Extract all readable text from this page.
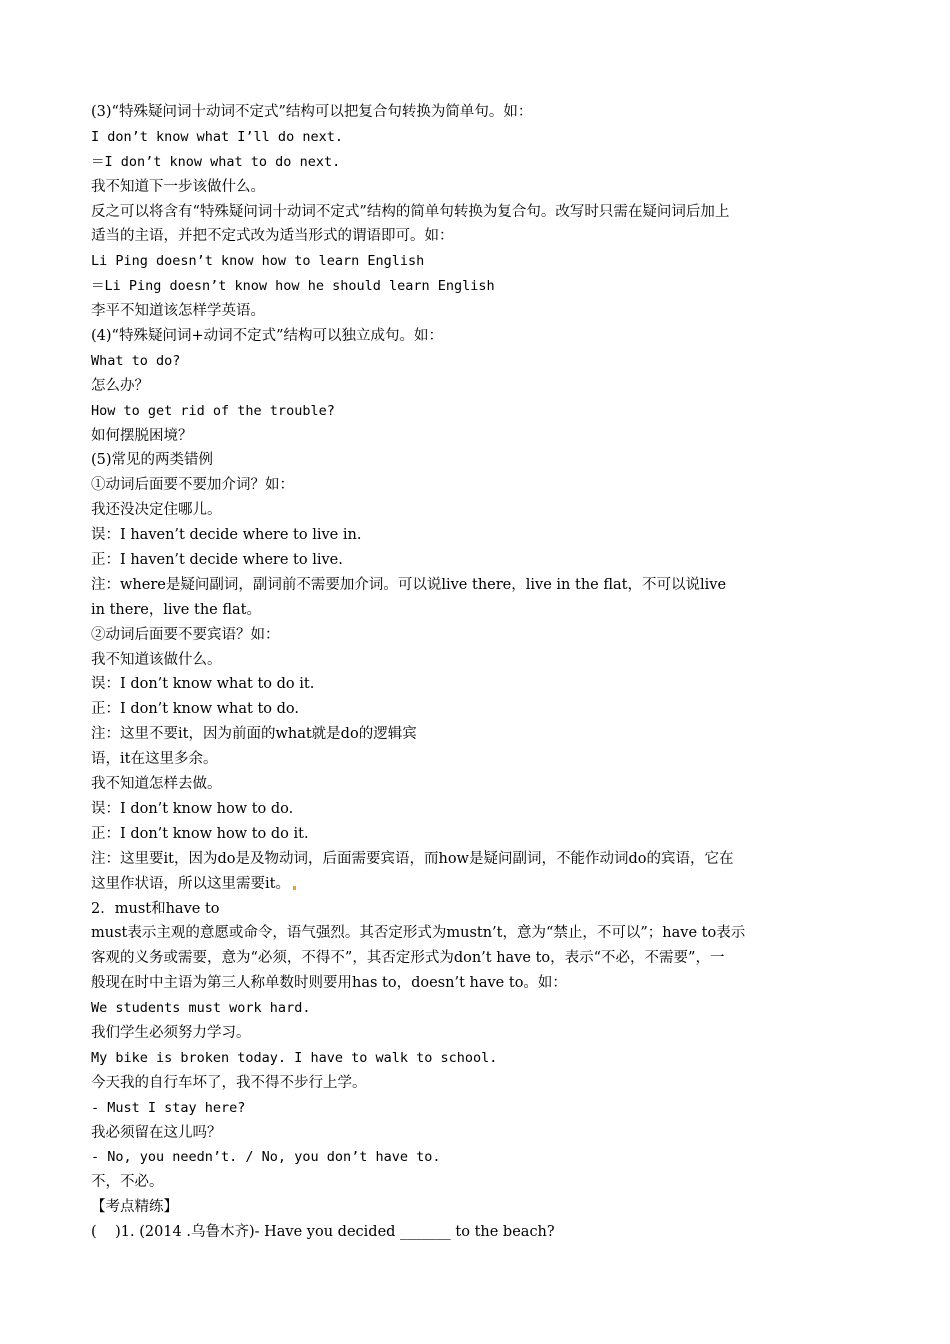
(3)“特殊疑问词十动词不定式”结构可以把复合句转换为简单句。如：
I don’t know what I’ll do next.
＝I don’t know what to do next.
我不知道下一步该做什么。
反之可以将含有“特殊疑问词十动词不定式”结构的简单句转换为复合句。改写时只需在疑问词后加上
适当的主语，并把不定式改为适当形式的谓语即可。如：
Li Ping doesn’t know how to learn English
＝Li Ping doesn’t know how he should learn English
李平不知道该怎样学英语。
(4)“特殊疑问词+动词不定式”结构可以独立成句。如：
What to do?
怎么办？
How to get rid of the trouble?
如何摆脱困境？
(5)常见的两类错例
①动词后面要不要加介词？如：
我还没决定住哪儿。
误：I haven’t decide where to live in.
正：I haven’t decide where to live.
注：where是疑问副词，副词前不需要加介词。可以说live there，live in the flat，不可以说live
in there，live the flat。
②动词后面要不要宾语？如：
我不知道该做什么。
误：I don’t know what to do it.
正：I don’t know what to do.
注：这里不要it，因为前面的what就是do的逻辑宾
语，it在这里多余。
我不知道怎样去做。
误：I don’t know how to do.
正：I don’t know how to do it.
注：这里要it，因为do是及物动词，后面需要宾语，而how是疑问副词，不能作动词do的宾语，它在
这里作状语，所以这里需要it。
2．must和have to
must表示主观的意愿或命令，语气强烈。其否定形式为mustn’t，意为“禁止，不可以”；have to表示
客观的义务或需要，意为“必须，不得不”，其否定形式为don’t have to，表示“不必，不需要”，一
般现在时中主语为第三人称单数时则要用has to，doesn’t have to。如：
We students must work hard.
我们学生必须努力学习。
My bike is broken today. I have to walk to school.
今天我的自行车坏了，我不得不步行上学。
- Must I stay here?
我必须留在这儿吗？
- No, you needn’t. / No, you don’t have to.
不，不必。
【考点精练】
(    )1. (2014 .乌鲁木齐)- Have you decided _______ to the beach?
